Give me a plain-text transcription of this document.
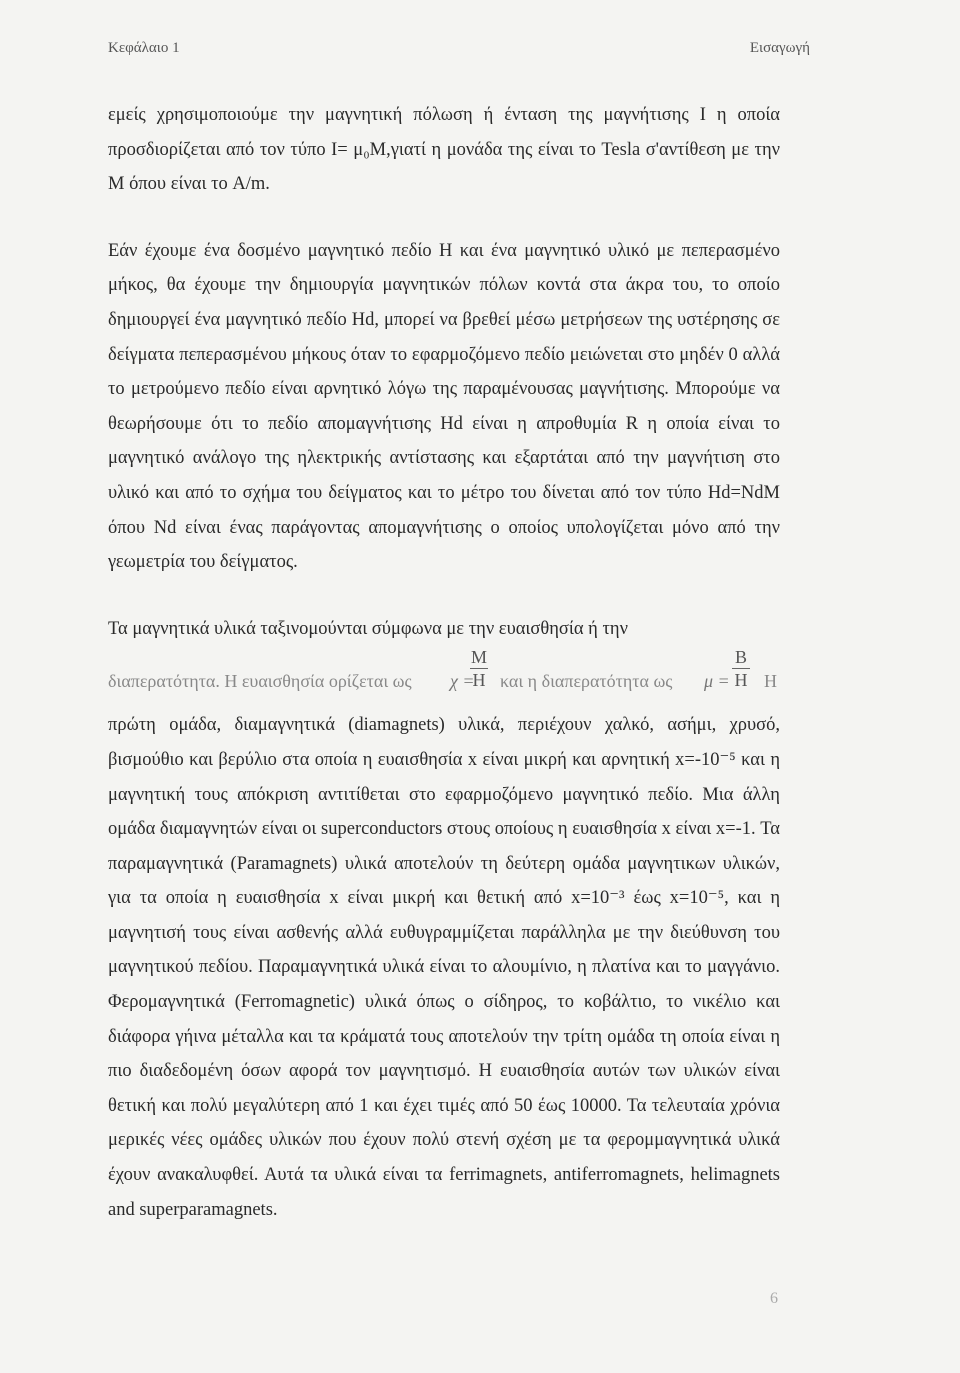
Κεφάλαιο 1	Εισαγωγή

εμείς χρησιμοποιούμε την μαγνητική πόλωση ή ένταση της μαγνήτισης I η οποία προσδιορίζεται από τον τύπο I= μ₀M,γιατί η μονάδα της είναι το Tesla σ'αντίθεση με την M όπου είναι το A/m.

Εάν έχουμε ένα δοσμένο μαγνητικό πεδίο H και ένα μαγνητικό υλικό με πεπερασμένο μήκος, θα έχουμε την δημιουργία μαγνητικών πόλων κοντά στα άκρα του, το οποίο δημιουργεί ένα μαγνητικό πεδίο Hd, μπορεί να βρεθεί μέσω μετρήσεων της υστέρησης σε δείγματα πεπερασμένου μήκους όταν το εφαρμοζόμενο πεδίο μειώνεται στο μηδέν 0 αλλά το μετρούμενο πεδίο είναι αρνητικό λόγω της παραμένουσας μαγνήτισης. Μπορούμε να θεωρήσουμε ότι το πεδίο απομαγνήτισης Hd είναι η απροθυμία R η οποία είναι το μαγνητικό ανάλογο της ηλεκτρικής αντίστασης και εξαρτάται από την μαγνήτιση στο υλικό και από το σχήμα του δείγματος και το μέτρο του δίνεται από τον τύπο Hd=NdM όπου Nd είναι ένας παράγοντας απομαγνήτισης ο οποίος υπολογίζεται μόνο από την γεωμετρία του δείγματος.

Τα μαγνητικά υλικά ταξινομούνται σύμφωνα με την ευαισθησία ή την

διαπερατότητα. Η ευαισθησία ορίζεται ως χ =
M
H και η διαπερατότητα ως μ =
B
H H

πρώτη ομάδα, διαμαγνητικά (diamagnets) υλικά, περιέχουν χαλκό, ασήμι, χρυσό, βισμούθιο και βερύλιο στα οποία η ευαισθησία x είναι μικρή και αρνητική x=-10⁻⁵ και η μαγνητική τους απόκριση αντιτίθεται στο εφαρμοζόμενο μαγνητικό πεδίο. Μια άλλη ομάδα διαμαγνητών είναι οι superconductors στους οποίους η ευαισθησία x είναι x=-1. Τα παραμαγνητικά (Paramagnets) υλικά αποτελούν τη δεύτερη ομάδα μαγνητικων υλικών, για τα οποία η ευαισθησία x είναι μικρή και θετική από x=10⁻³ έως x=10⁻⁵, και η μαγνητισή τους είναι ασθενής αλλά ευθυγραμμίζεται παράλληλα με την διεύθυνση του μαγνητικού πεδίου. Παραμαγνητικά υλικά είναι το αλουμίνιο, η πλατίνα και το μαγγάνιο. Φερομαγνητικά (Ferromagnetic) υλικά όπως ο σίδηρος, το κοβάλτιο, το νικέλιο και διάφορα γήινα μέταλλα και τα κράματά τους αποτελούν την τρίτη ομάδα τη οποία είναι η πιο διαδεδομένη όσων αφορά τον μαγνητισμό. Η ευαισθησία αυτών των υλικών είναι θετική και πολύ μεγαλύτερη από 1 και έχει τιμές από 50 έως 10000. Τα τελευταία χρόνια μερικές νέες ομάδες υλικών που έχουν πολύ στενή σχέση με τα φερομμαγνητικά υλικά έχουν ανακαλυφθεί. Αυτά τα υλικά είναι τα ferrimagnets, antiferromagnets, helimagnets and superparamagnets.

6
